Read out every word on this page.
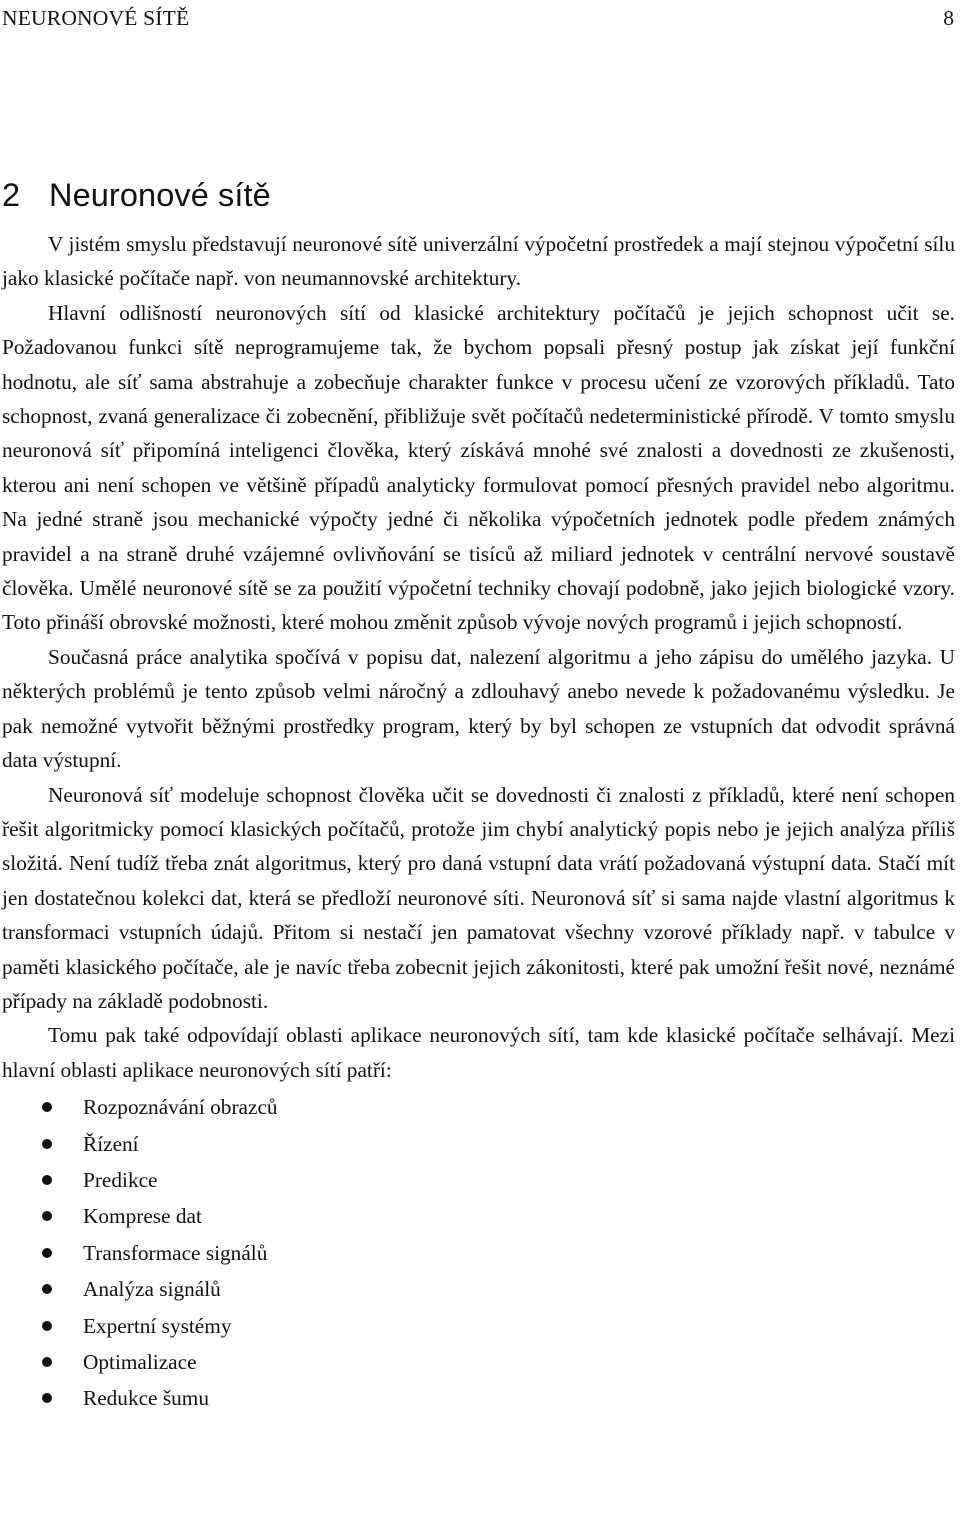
NEURONOVÉ SÍTĚ	8
2 Neuronové sítě

V jistém smyslu představují neuronové sítě univerzální výpočetní prostředek a mají stejnou výpočetní sílu jako klasické počítače např. von neumannovské architektury.

Hlavní odlišností neuronových sítí od klasické architektury počítačů je jejich schopnost učit se. Požadovanou funkci sítě neprogramujeme tak, že bychom popsali přesný postup jak získat její funkční hodnotu, ale síť sama abstrahuje a zobecňuje charakter funkce v procesu učení ze vzorových příkladů. Tato schopnost, zvaná generalizace či zobecnění, přibližuje svět počítačů nedeterministické přírodě. V tomto smyslu neuronová síť připomíná inteligenci člověka, který získává mnohé své znalosti a dovednosti ze zkušenosti, kterou ani není schopen ve většině případů analyticky formulovat pomocí přesných pravidel nebo algoritmu. Na jedné straně jsou mechanické výpočty jedné či několika výpočetních jednotek podle předem známých pravidel a na straně druhé vzájemné ovlivňování se tisíců až miliard jednotek v centrální nervové soustavě člověka. Umělé neuronové sítě se za použití výpočetní techniky chovají podobně, jako jejich biologické vzory. Toto přináší obrovské možnosti, které mohou změnit způsob vývoje nových programů i jejich schopností.

Současná práce analytika spočívá v popisu dat, nalezení algoritmu a jeho zápisu do umělého jazyka. U některých problémů je tento způsob velmi náročný a zdlouhavý anebo nevede k požadovanému výsledku. Je pak nemožné vytvořit běžnými prostředky program, který by byl schopen ze vstupních dat odvodit správná data výstupní.

Neuronová síť modeluje schopnost člověka učit se dovednosti či znalosti z příkladů, které není schopen řešit algoritmicky pomocí klasických počítačů, protože jim chybí analytický popis nebo je jejich analýza příliš složitá. Není tudíž třeba znát algoritmus, který pro daná vstupní data vrátí požadovaná výstupní data. Stačí mít jen dostatečnou kolekci dat, která se předloží neuronové síti. Neuronová síť si sama najde vlastní algoritmus k transformaci vstupních údajů. Přitom si nestačí jen pamatovat všechny vzorové příklady např. v tabulce v paměti klasického počítače, ale je navíc třeba zobecnit jejich zákonitosti, které pak umožní řešit nové, neznámé případy na základě podobnosti.

Tomu pak také odpovídají oblasti aplikace neuronových sítí, tam kde klasické počítače selhávají. Mezi hlavní oblasti aplikace neuronových sítí patří:

Rozpoznávání obrazců
Řízení
Predikce
Komprese dat
Transformace signálů
Analýza signálů
Expertní systémy
Optimalizace
Redukce šumu
